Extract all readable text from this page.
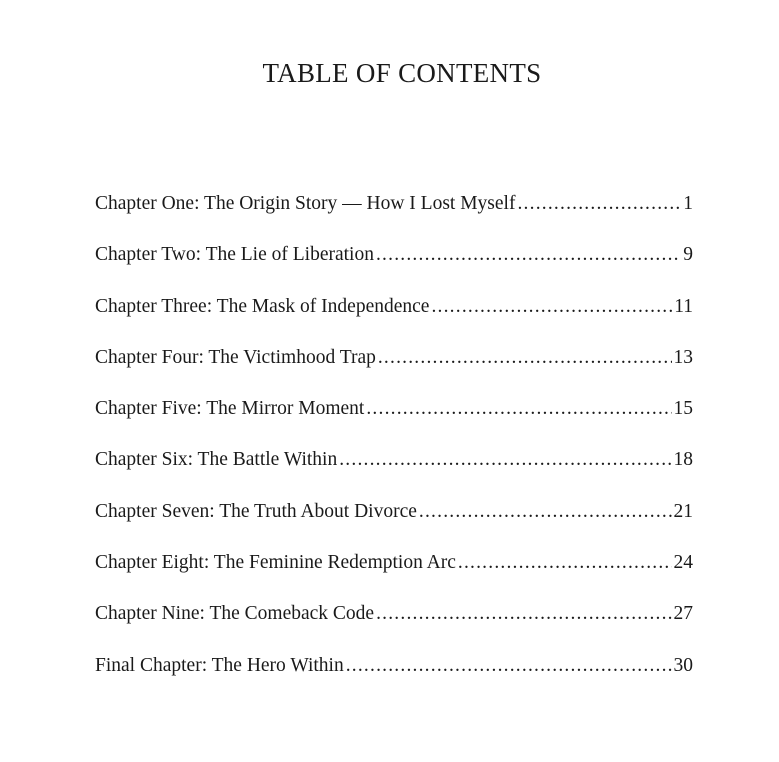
TABLE OF CONTENTS
Chapter One: The Origin Story — How I Lost Myself .....	1
Chapter Two: The Lie of Liberation .....	9
Chapter Three: The Mask of Independence .....	11
Chapter Four: The Victimhood Trap .....	13
Chapter Five: The Mirror Moment .....	15
Chapter Six: The Battle Within .....	18
Chapter Seven: The Truth About Divorce .....	21
Chapter Eight: The Feminine Redemption Arc .....	24
Chapter Nine: The Comeback Code .....	27
Final Chapter: The Hero Within .....	30
